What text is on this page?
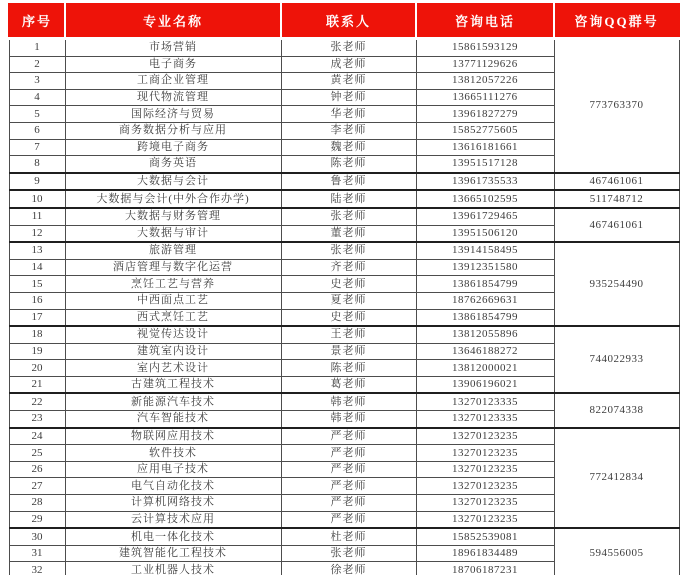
序号	专业名称	联系人	咨询电话	咨询QQ群号
1	市场营销	张老师	15861593129	773763370
2	电子商务	成老师	13771129626	
3	工商企业管理	黄老师	13812057226	
4	现代物流管理	钟老师	13665111276	
5	国际经济与贸易	华老师	13961827279	
6	商务数据分析与应用	李老师	15852775605	
7	跨境电子商务	魏老师	13616181661	
8	商务英语	陈老师	13951517128	
9	大数据与会计	鲁老师	13961735533	467461061
10	大数据与会计(中外合作办学)	陆老师	13665102595	511748712
11	大数据与财务管理	张老师	13961729465	467461061
12	大数据与审计	董老师	13951506120	
13	旅游管理	张老师	13914158495	935254490
14	酒店管理与数字化运营	齐老师	13912351580	
15	烹饪工艺与营养	史老师	13861854799	
16	中西面点工艺	夏老师	18762669631	
17	西式烹饪工艺	史老师	13861854799	
18	视觉传达设计	王老师	13812055896	744022933
19	建筑室内设计	景老师	13646188272	
20	室内艺术设计	陈老师	13812000021	
21	古建筑工程技术	葛老师	13906196021	
22	新能源汽车技术	韩老师	13270123335	822074338
23	汽车智能技术	韩老师	13270123335	
24	物联网应用技术	严老师	13270123235	772412834
25	软件技术	严老师	13270123235	
26	应用电子技术	严老师	13270123235	
27	电气自动化技术	严老师	13270123235	
28	计算机网络技术	严老师	13270123235	
29	云计算技术应用	严老师	13270123235	
30	机电一体化技术	杜老师	15852539081	594556005
31	建筑智能化工程技术	张老师	18961834489	
32	工业机器人技术	徐老师	18706187231	
